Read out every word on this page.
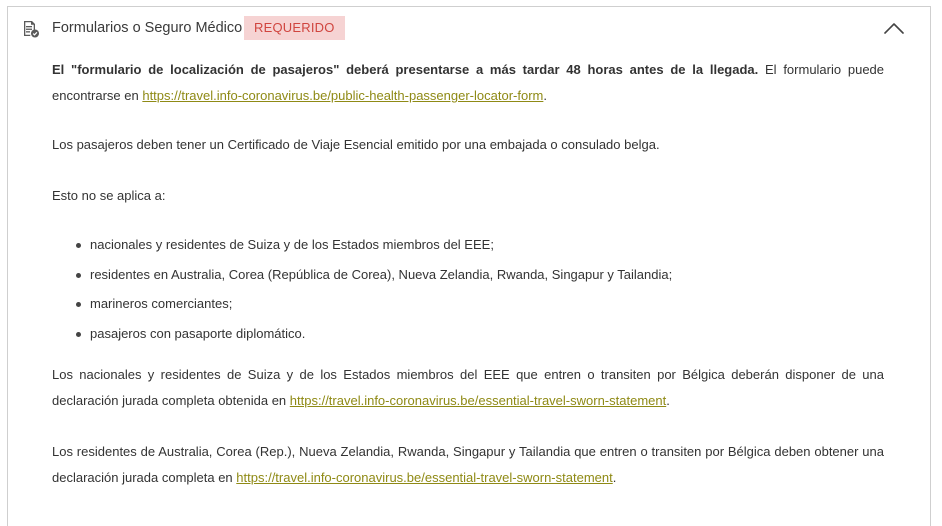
Formularios o Seguro Médico REQUERIDO

El "formulario de localización de pasajeros" deberá presentarse a más tardar 48 horas antes de la llegada. El formulario puede encontrarse en https://travel.info-coronavirus.be/public-health-passenger-locator-form.

Los pasajeros deben tener un Certificado de Viaje Esencial emitido por una embajada o consulado belga.

Esto no se aplica a:

nacionales y residentes de Suiza y de los Estados miembros del EEE;
residentes en Australia, Corea (República de Corea), Nueva Zelandia, Rwanda, Singapur y Tailandia;
marineros comerciantes;
pasajeros con pasaporte diplomático.

Los nacionales y residentes de Suiza y de los Estados miembros del EEE que entren o transiten por Bélgica deberán disponer de una declaración jurada completa obtenida en https://travel.info-coronavirus.be/essential-travel-sworn-statement.

Los residentes de Australia, Corea (Rep.), Nueva Zelandia, Rwanda, Singapur y Tailandia que entren o transiten por Bélgica deben obtener una declaración jurada completa en https://travel.info-coronavirus.be/essential-travel-sworn-statement.
